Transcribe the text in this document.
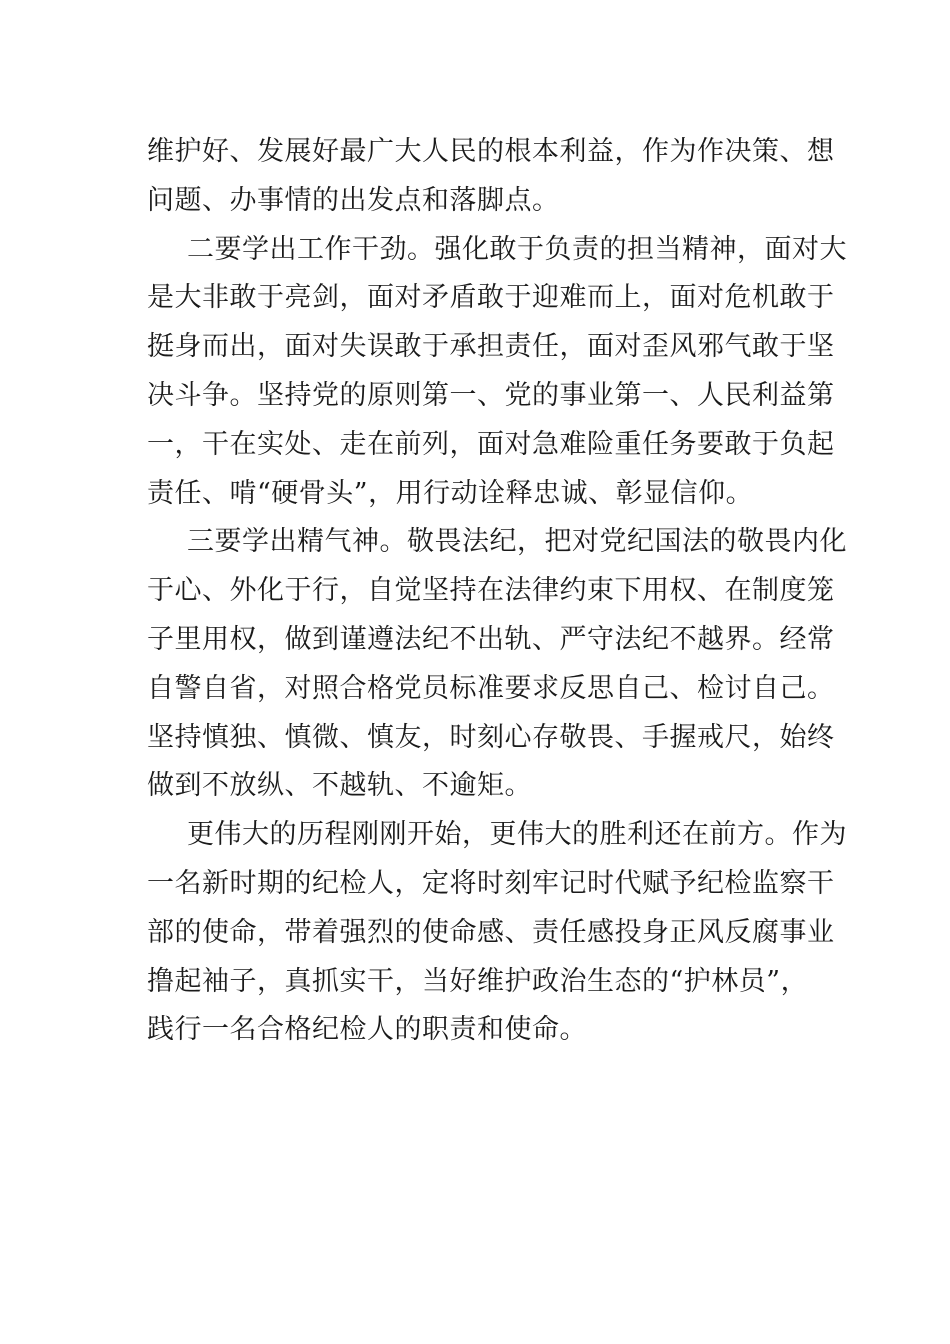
维护好、发展好最广大人民的根本利益，作为作决策、想
问题、办事情的出发点和落脚点。

二要学出工作干劲。强化敢于负责的担当精神，面对大
是大非敢于亮剑，面对矛盾敢于迎难而上，面对危机敢于
挺身而出，面对失误敢于承担责任，面对歪风邪气敢于坚
决斗争。坚持党的原则第一、党的事业第一、人民利益第
一，干在实处、走在前列，面对急难险重任务要敢于负起
责任、啃“硬骨头”，用行动诠释忠诚、彰显信仰。

三要学出精气神。敬畏法纪，把对党纪国法的敬畏内化
于心、外化于行，自觉坚持在法律约束下用权、在制度笼
子里用权，做到谨遵法纪不出轨、严守法纪不越界。经常
自警自省，对照合格党员标准要求反思自己、检讨自己。
坚持慎独、慎微、慎友，时刻心存敬畏、手握戒尺，始终
做到不放纵、不越轨、不逾矩。

更伟大的历程刚刚开始，更伟大的胜利还在前方。作为
一名新时期的纪检人，定将时刻牢记时代赋予纪检监察干
部的使命，带着强烈的使命感、责任感投身正风反腐事业
撸起袖子，真抓实干，当好维护政治生态的“护林员”，
践行一名合格纪检人的职责和使命。
